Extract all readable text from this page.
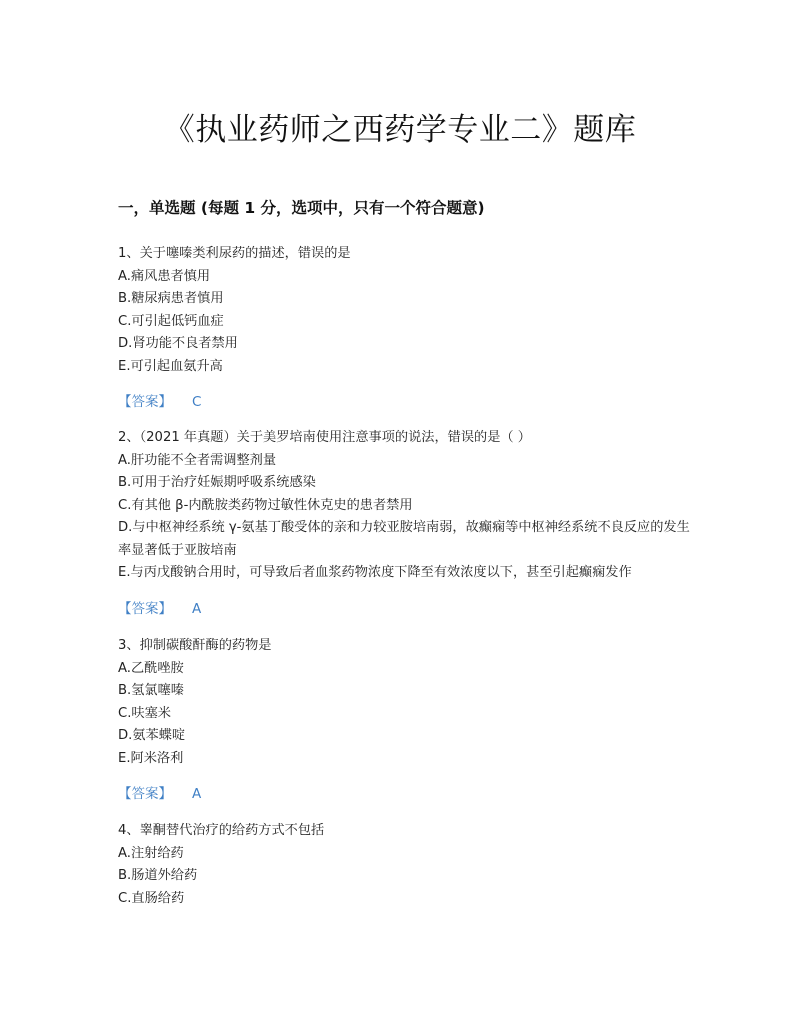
《执业药师之西药学专业二》题库
一，单选题 (每题 1 分，选项中，只有一个符合题意)
1、关于噻嗪类利尿药的描述，错误的是
A.痛风患者慎用
B.糖尿病患者慎用
C.可引起低钙血症
D.肾功能不良者禁用
E.可引起血氨升高
【答案】 C
2、（2021 年真题）关于美罗培南使用注意事项的说法，错误的是（ ）
A.肝功能不全者需调整剂量
B.可用于治疗妊娠期呼吸系统感染
C.有其他 β-内酰胺类药物过敏性休克史的患者禁用
D.与中枢神经系统 γ-氨基丁酸受体的亲和力较亚胺培南弱，故癫痫等中枢神经系统不良反应的发生率显著低于亚胺培南
E.与丙戊酸钠合用时，可导致后者血浆药物浓度下降至有效浓度以下，甚至引起癫痫发作
【答案】 A
3、抑制碳酸酐酶的药物是
A.乙酰唑胺
B.氢氯噻嗪
C.呋塞米
D.氨苯蝶啶
E.阿米洛利
【答案】 A
4、睾酮替代治疗的给药方式不包括
A.注射给药
B.肠道外给药
C.直肠给药
